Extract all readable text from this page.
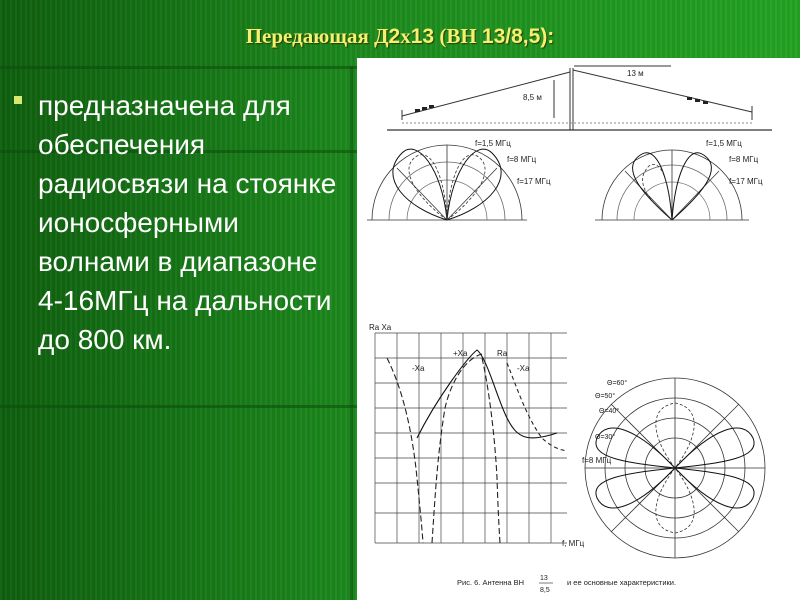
Передающая Д2х13 (ВН 13/8,5):
предназначена для обеспечения радиосвязи на стоянке ионосферными волнами в диапазоне 4-16МГц на дальности до 800 км.
8,5 м
13 м
f=1,5 МГц
f=8 МГц
f=17 МГц
f=1,5 МГц
f=8 МГц
f=17 МГц
Rа Xа
-Xа
+Xа	Rа
-Xа
f, МГц
Θ=60°
Θ=50°
Θ=40°
Θ=30°
f=8 МГц
Рис. 6. Антенна ВН 13
8,5
и ее основные характеристики.
